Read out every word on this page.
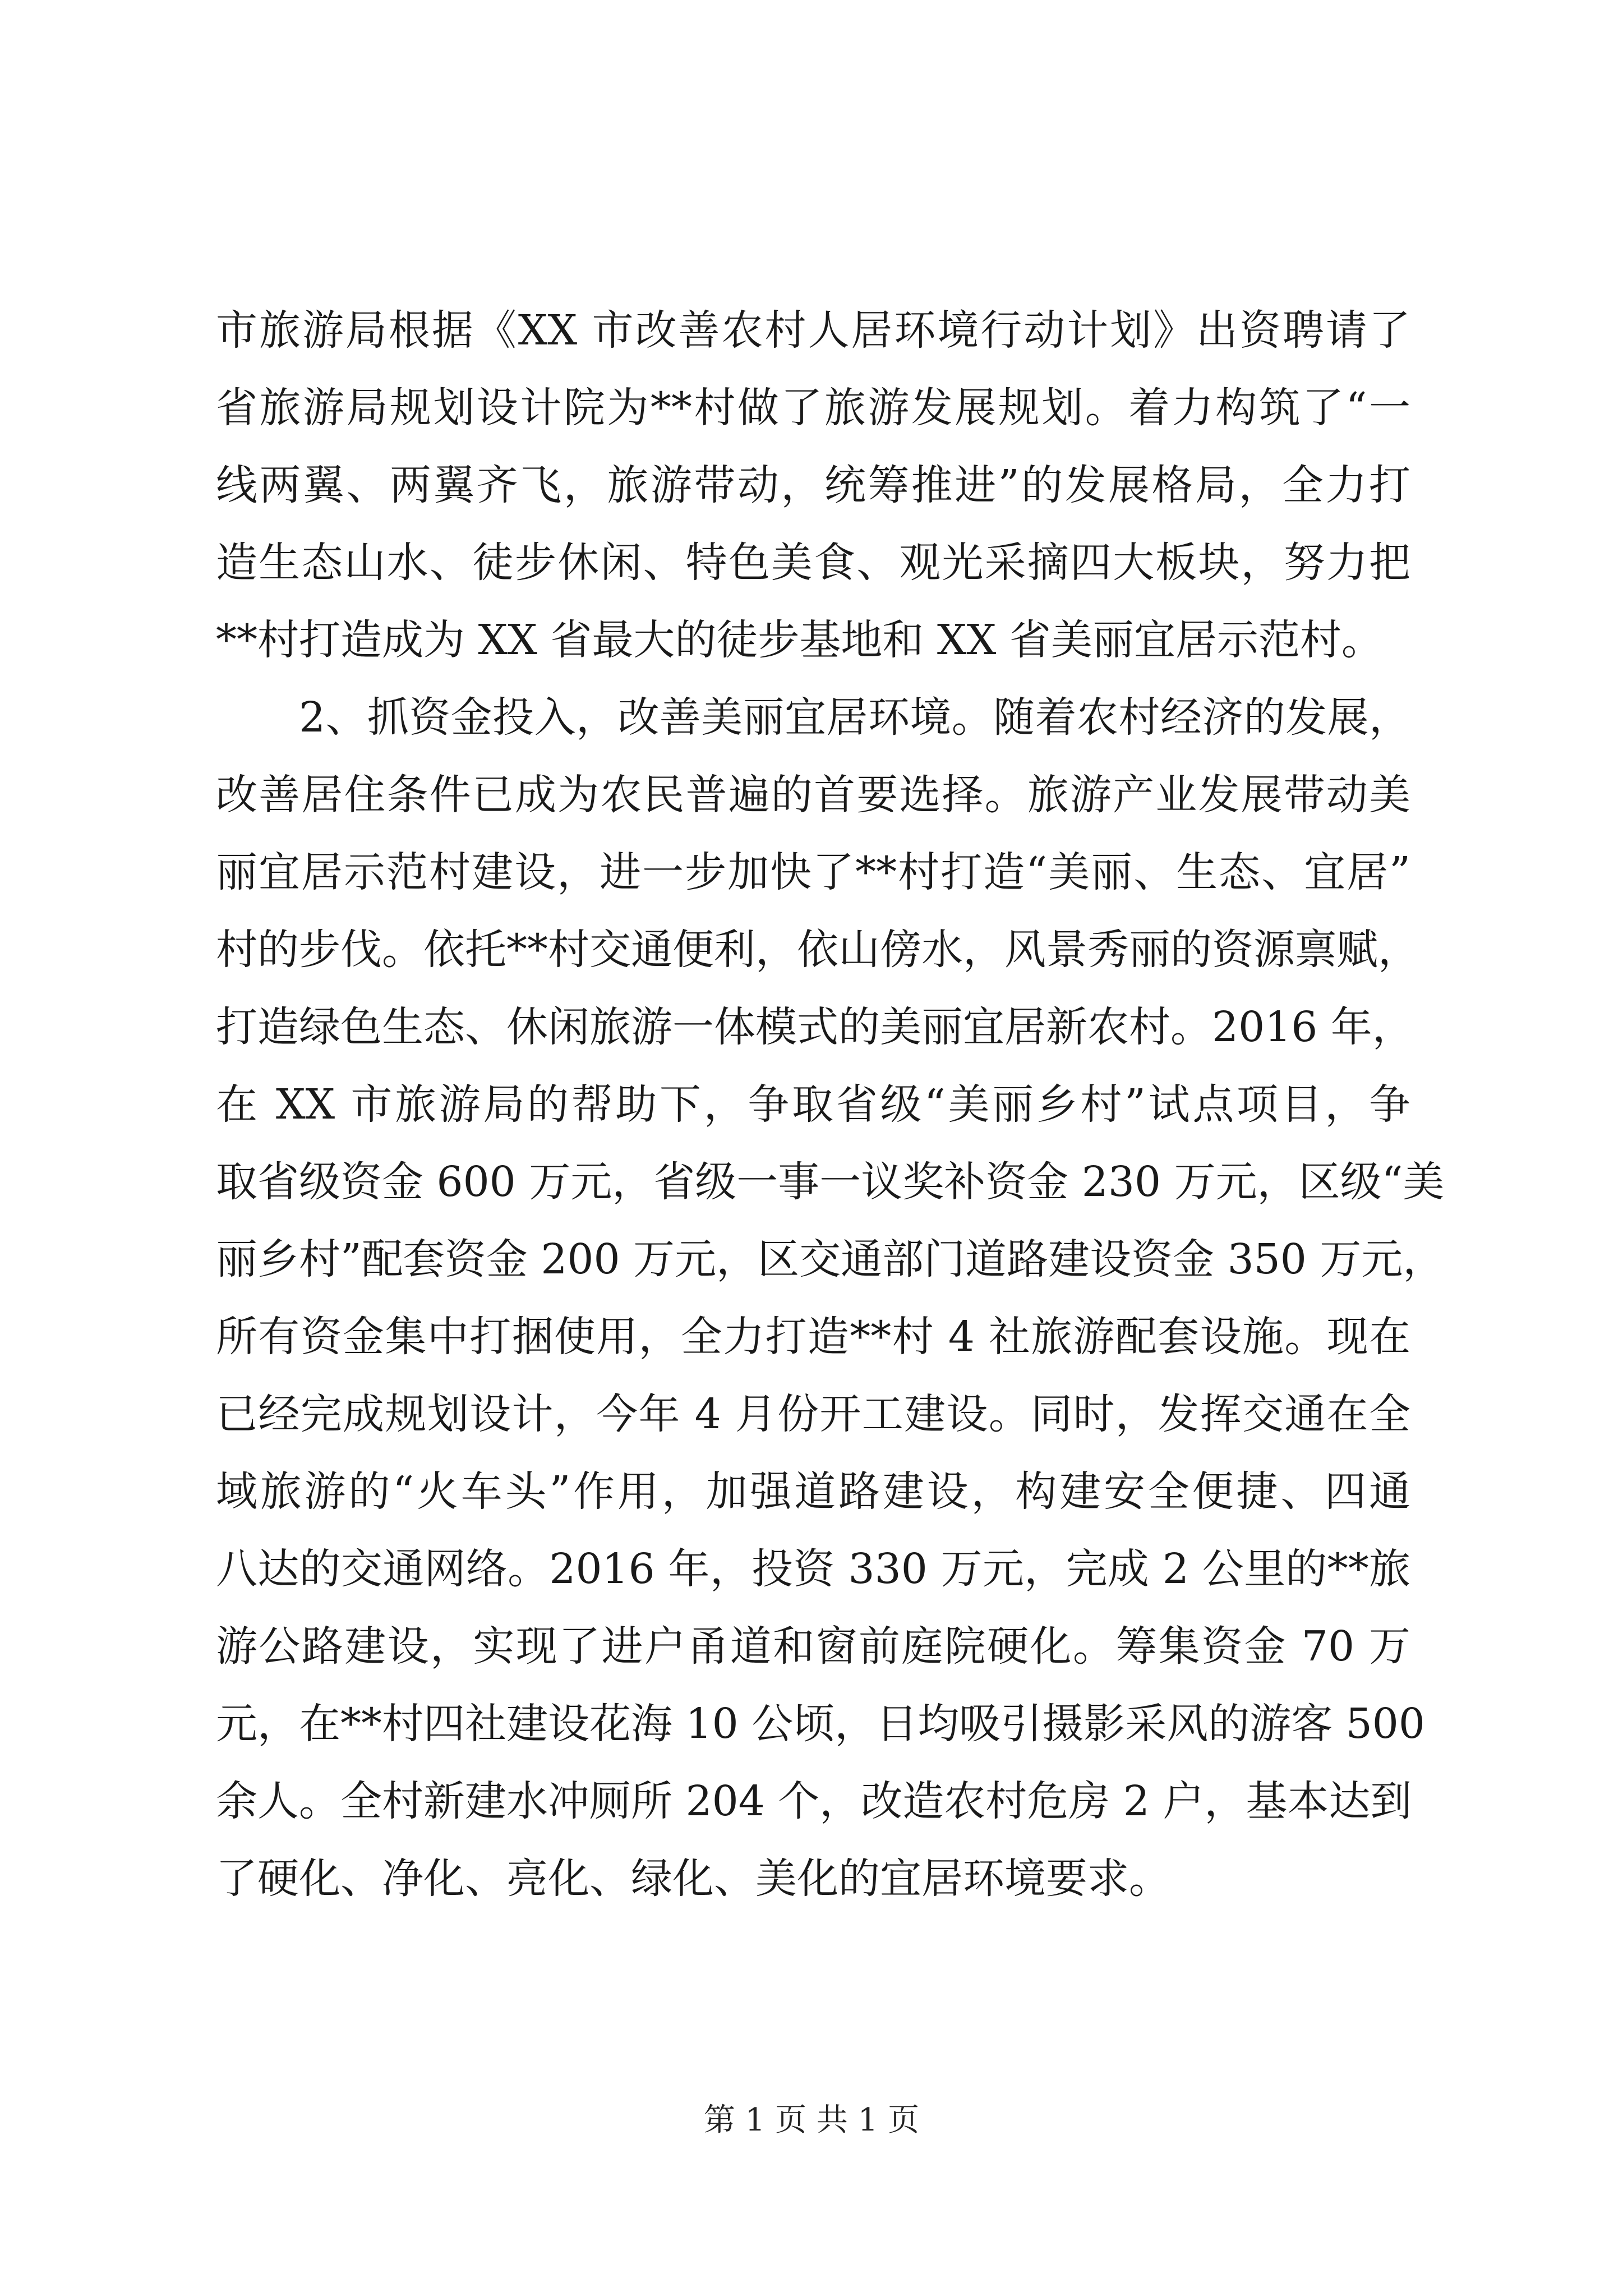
市旅游局根据《XX 市改善农村人居环境行动计划》出资聘请了
省旅游局规划设计院为**村做了旅游发展规划。着力构筑了“一
线两翼、两翼齐飞，旅游带动，统筹推进”的发展格局，全力打
造生态山水、徒步休闲、特色美食、观光采摘四大板块，努力把
**村打造成为 XX 省最大的徒步基地和 XX 省美丽宜居示范村。
2、抓资金投入，改善美丽宜居环境。随着农村经济的发展，
改善居住条件已成为农民普遍的首要选择。旅游产业发展带动美
丽宜居示范村建设，进一步加快了**村打造“美丽、生态、宜居”
村的步伐。依托**村交通便利，依山傍水，风景秀丽的资源禀赋，
打造绿色生态、休闲旅游一体模式的美丽宜居新农村。2016 年，
在 XX 市旅游局的帮助下，争取省级“美丽乡村”试点项目，争
取省级资金 600 万元，省级一事一议奖补资金 230 万元，区级“美
丽乡村”配套资金 200 万元，区交通部门道路建设资金 350 万元，
所有资金集中打捆使用，全力打造**村 4 社旅游配套设施。现在
已经完成规划设计，今年 4 月份开工建设。同时，发挥交通在全
域旅游的“火车头”作用，加强道路建设，构建安全便捷、四通
八达的交通网络。2016 年，投资 330 万元，完成 2 公里的**旅
游公路建设，实现了进户甬道和窗前庭院硬化。筹集资金 70 万
元，在**村四社建设花海 10 公顷，日均吸引摄影采风的游客 500
余人。全村新建水冲厕所 204 个，改造农村危房 2 户，基本达到
了硬化、净化、亮化、绿化、美化的宜居环境要求。
第 1 页 共 1 页
